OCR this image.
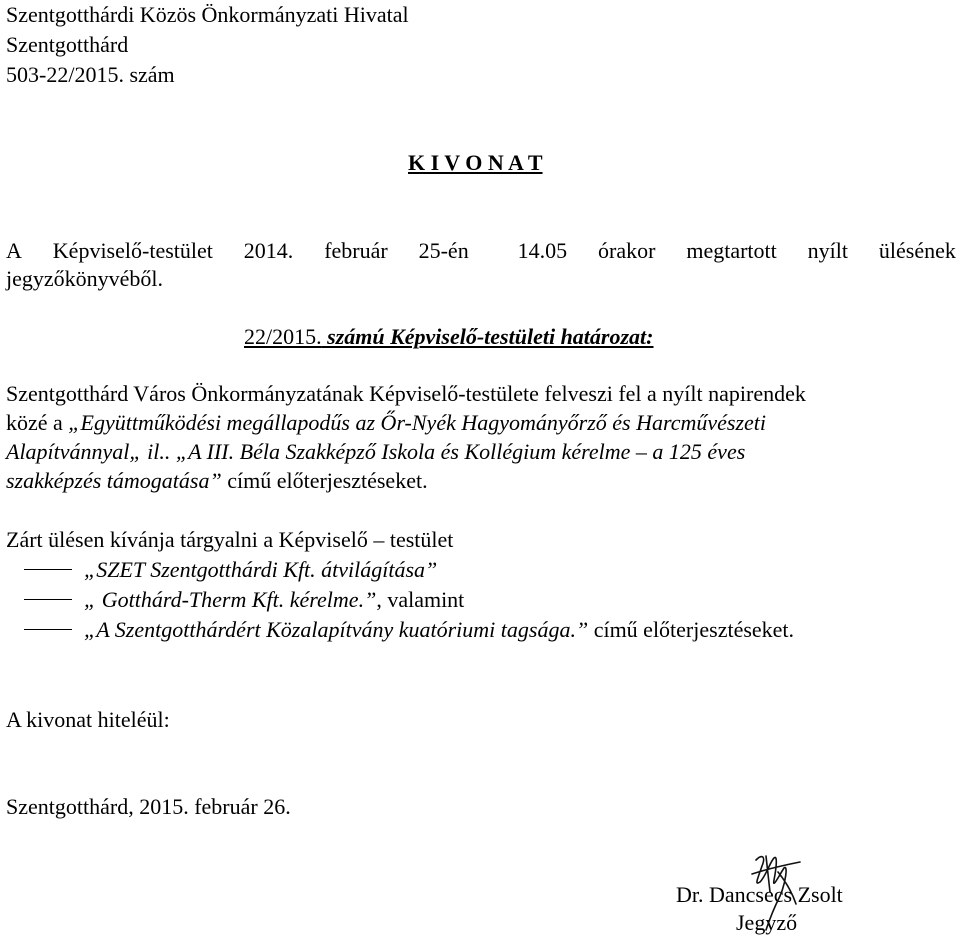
Szentgotthárdi Közös Önkormányzati Hivatal
Szentgotthárd
503-22/2015. szám
K I V O N A T
A Képviselő-testület 2014. február 25-én 14.05 órakor megtartott nyílt ülésének
jegyzőkönyvéből.
22/2015. számú Képviselő-testületi határozat:
Szentgotthárd Város Önkormányzatának Képviselő-testülete felveszi fel a nyílt napirendek
közé a „Együttműködési megállapodűs az Őr-Nyék Hagyományőrző és Harcművészeti
Alapítvánnyal„ il.. „A III. Béla Szakképző Iskola és Kollégium kérelme – a 125 éves
szakképzés támogatása” című előterjesztéseket.
Zárt ülésen kívánja tárgyalni a Képviselő – testület
„SZET Szentgotthárdi Kft. átvilágítása”
„ Gotthárd-Therm Kft. kérelme.”, valamint
„A Szentgotthárdért Közalapítvány kuatóriumi tagsága.” című előterjesztéseket.
A kivonat hiteléül:
Szentgotthárd, 2015. február 26.
Dr. Dancsecs Zsolt
Jegyző
